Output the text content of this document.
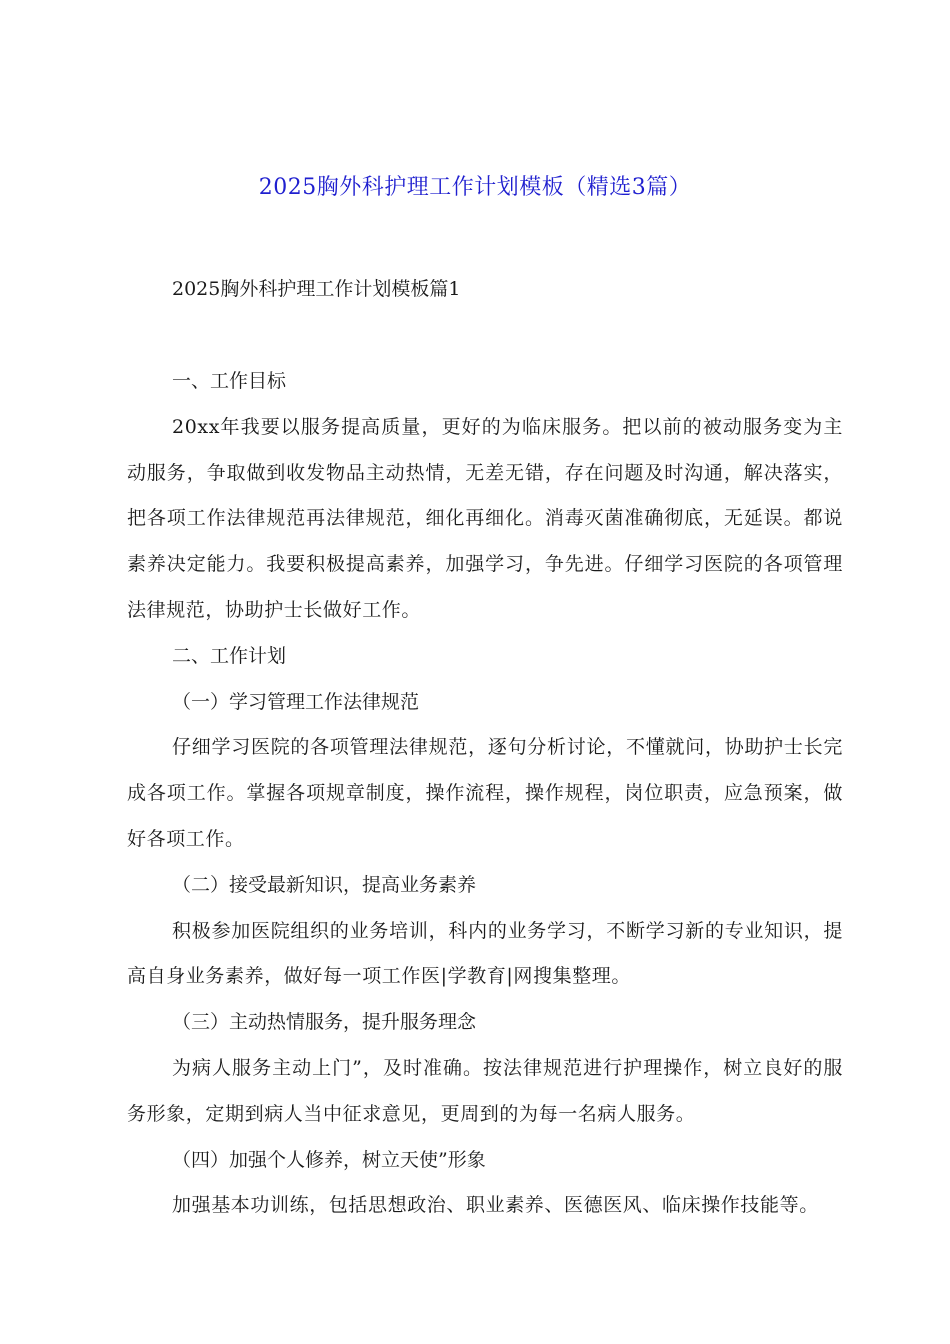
2025胸外科护理工作计划模板（精选3篇）
2025胸外科护理工作计划模板篇1

一、工作目标

20xx年我要以服务提高质量，更好的为临床服务。把以前的被动服务变为主动服务，争取做到收发物品主动热情，无差无错，存在问题及时沟通，解决落实，把各项工作法律规范再法律规范，细化再细化。消毒灭菌准确彻底，无延误。都说素养决定能力。我要积极提高素养，加强学习，争先进。仔细学习医院的各项管理法律规范，协助护士长做好工作。

二、工作计划

（一）学习管理工作法律规范

仔细学习医院的各项管理法律规范，逐句分析讨论，不懂就问，协助护士长完成各项工作。掌握各项规章制度，操作流程，操作规程，岗位职责，应急预案，做好各项工作。

（二）接受最新知识，提高业务素养

积极参加医院组织的业务培训，科内的业务学习，不断学习新的专业知识，提高自身业务素养，做好每一项工作医|学教育|网搜集整理。

（三）主动热情服务，提升服务理念

为病人服务主动上门”，及时准确。按法律规范进行护理操作，树立良好的服务形象，定期到病人当中征求意见，更周到的为每一名病人服务。

（四）加强个人修养，树立天使”形象

加强基本功训练，包括思想政治、职业素养、医德医风、临床操作技能等。
